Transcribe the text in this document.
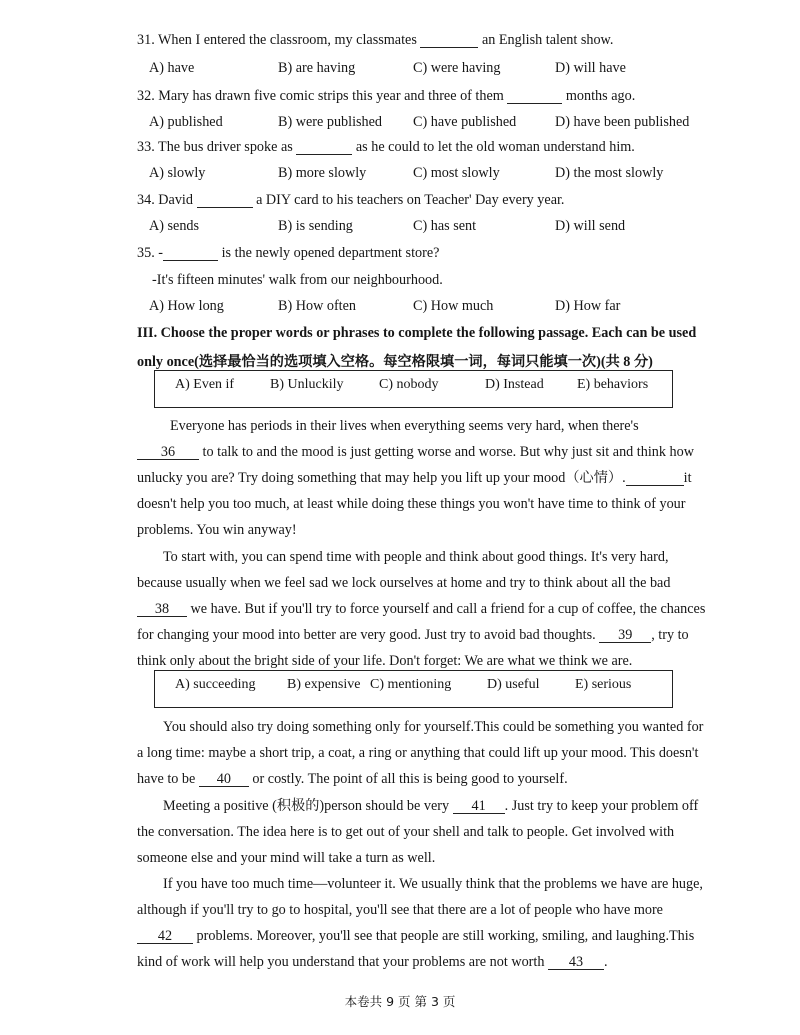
31. When I entered the classroom, my classmates	an English talent show.
A) have	B) are having	C) were having	D) will have
32. Mary has drawn five comic strips this year and three of them	months ago.
A) published	B) were published C) have published	D) have been published
33. The bus driver spoke as	as he could to let the old woman understand him.
A) slowly	B) more slowly	C) most slowly	D) the most slowly
34. David	a DIY card to his teachers on Teacher' Day every year.
A) sends	B) is sending	C) has sent	D) will send
35. -	is the newly opened department store?
-It's fifteen minutes' walk from our neighbourhood.
A) How long	B) How often	C) How much	D) How far
III. Choose the proper words or phrases to complete the following passage. Each can be used
only once(选择最恰当的选项填入空格。每空格限填一词，每词只能填一次)(共 8 分)
A) Even if	B) Unluckily	C) nobody	D) Instead E) behaviors
Everyone has periods in their lives when everything seems very hard, when there's
36 to talk to and the mood is just getting worse and worse. But why just sit and think how
unlucky you are? Try doing something that may help you lift up your mood（心情）.	it
doesn't help you too much, at least while doing these things you won't have time to think of your
problems. You win anyway!
To start with, you can spend time with people and think about good things. It's very hard,
because usually when we feel sad we lock ourselves at home and try to think about all the bad
38 we have. But if you'll try to force yourself and call a friend for a cup of coffee, the chances
for changing your mood into better are very good. Just try to avoid bad thoughts. 39 , try to
think only about the bright side of your life. Don't forget: We are what we think we are.
A) succeeding B) expensive C) mentioning	D) useful	E) serious
You should also try doing something only for yourself.This could be something you wanted for
a long time: maybe a short trip, a coat, a ring or anything that could lift up your mood. This doesn't
have to be 40 or costly. The point of all this is being good to yourself.
Meeting a positive (积极的)person should be very 41 . Just try to keep your problem off
the conversation. The idea here is to get out of your shell and talk to people. Get involved with
someone else and your mind will take a turn as well.
If you have too much time—volunteer it. We usually think that the problems we have are huge,
although if you'll try to go to hospital, you'll see that there are a lot of people who have more
42 problems. Moreover, you'll see that people are still working, smiling, and laughing.This
kind of work will help you understand that your problems are not worth 43 .
本卷共 9 页 第 3 页
